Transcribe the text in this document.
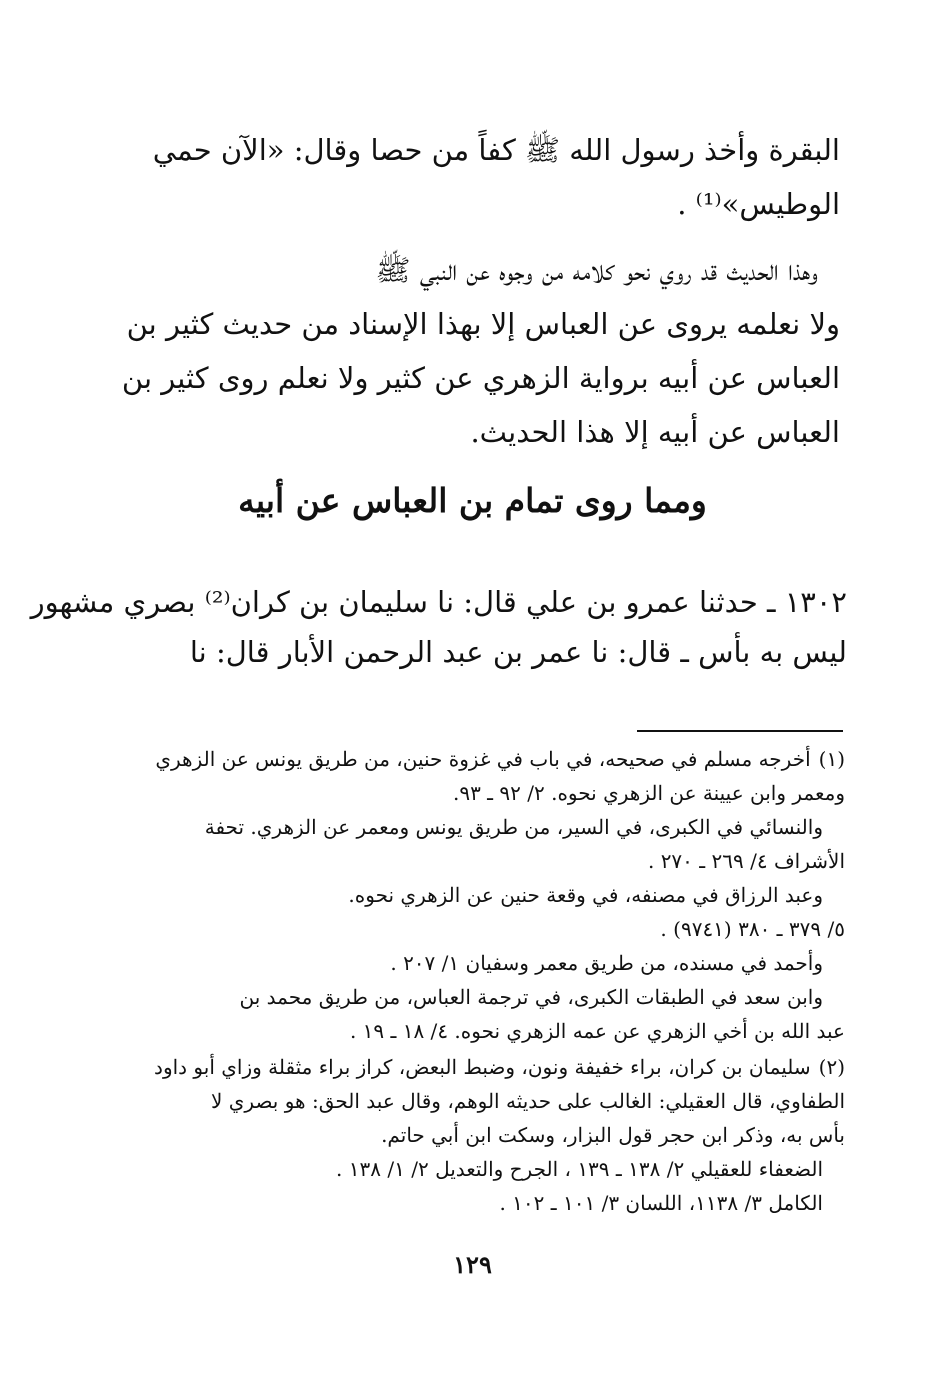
البقرة وأخذ رسول الله ﷺ كفاً من حصا وقال: «الآن حمي
الوطيس»⁽¹⁾ .
وهذا الحديث قد روي نحو كلامه من وجوه عن النبي ﷺ
ولا نعلمه يروى عن العباس إلا بهذا الإسناد من حديث كثير بن
العباس عن أبيه برواية الزهري عن كثير ولا نعلم روى كثير بن
العباس عن أبيه إلا هذا الحديث.
ومما روى تمام بن العباس عن أبيه
١٣٠٢ ـ حدثنا عمرو بن علي قال: نا سليمان بن كران⁽²⁾ بصري مشهور
ليس به بأس ـ قال: نا عمر بن عبد الرحمن الأبار قال: نا
(١)أخرجه مسلم في صحيحه، في باب في غزوة حنين، من طريق يونس عن الزهري
ومعمر وابن عيينة عن الزهري نحوه. ٢/ ٩٢ ـ ٩٣.
والنسائي في الكبرى، في السير، من طريق يونس ومعمر عن الزهري. تحفة
الأشراف ٤/ ٢٦٩ ـ ٢٧٠ .
وعبد الرزاق في مصنفه، في وقعة حنين عن الزهري نحوه.
٥/ ٣٧٩ ـ ٣٨٠ (٩٧٤١) .
وأحمد في مسنده، من طريق معمر وسفيان ١/ ٢٠٧ .
وابن سعد في الطبقات الكبرى، في ترجمة العباس، من طريق محمد بن
عبد الله بن أخي الزهري عن عمه الزهري نحوه. ٤/ ١٨ ـ ١٩ .
(٢)سليمان بن كران، براء خفيفة ونون، وضبط البعض، كراز براء مثقلة وزاي أبو داود
الطفاوي، قال العقيلي: الغالب على حديثه الوهم، وقال عبد الحق: هو بصري لا
بأس به، وذكر ابن حجر قول البزار، وسكت ابن أبي حاتم.
الضعفاء للعقيلي ٢/ ١٣٨ ـ ١٣٩ ، الجرح والتعديل ٢/ ١/ ١٣٨ .
الكامل ٣/ ١١٣٨، اللسان ٣/ ١٠١ ـ ١٠٢ .
١٢٩
